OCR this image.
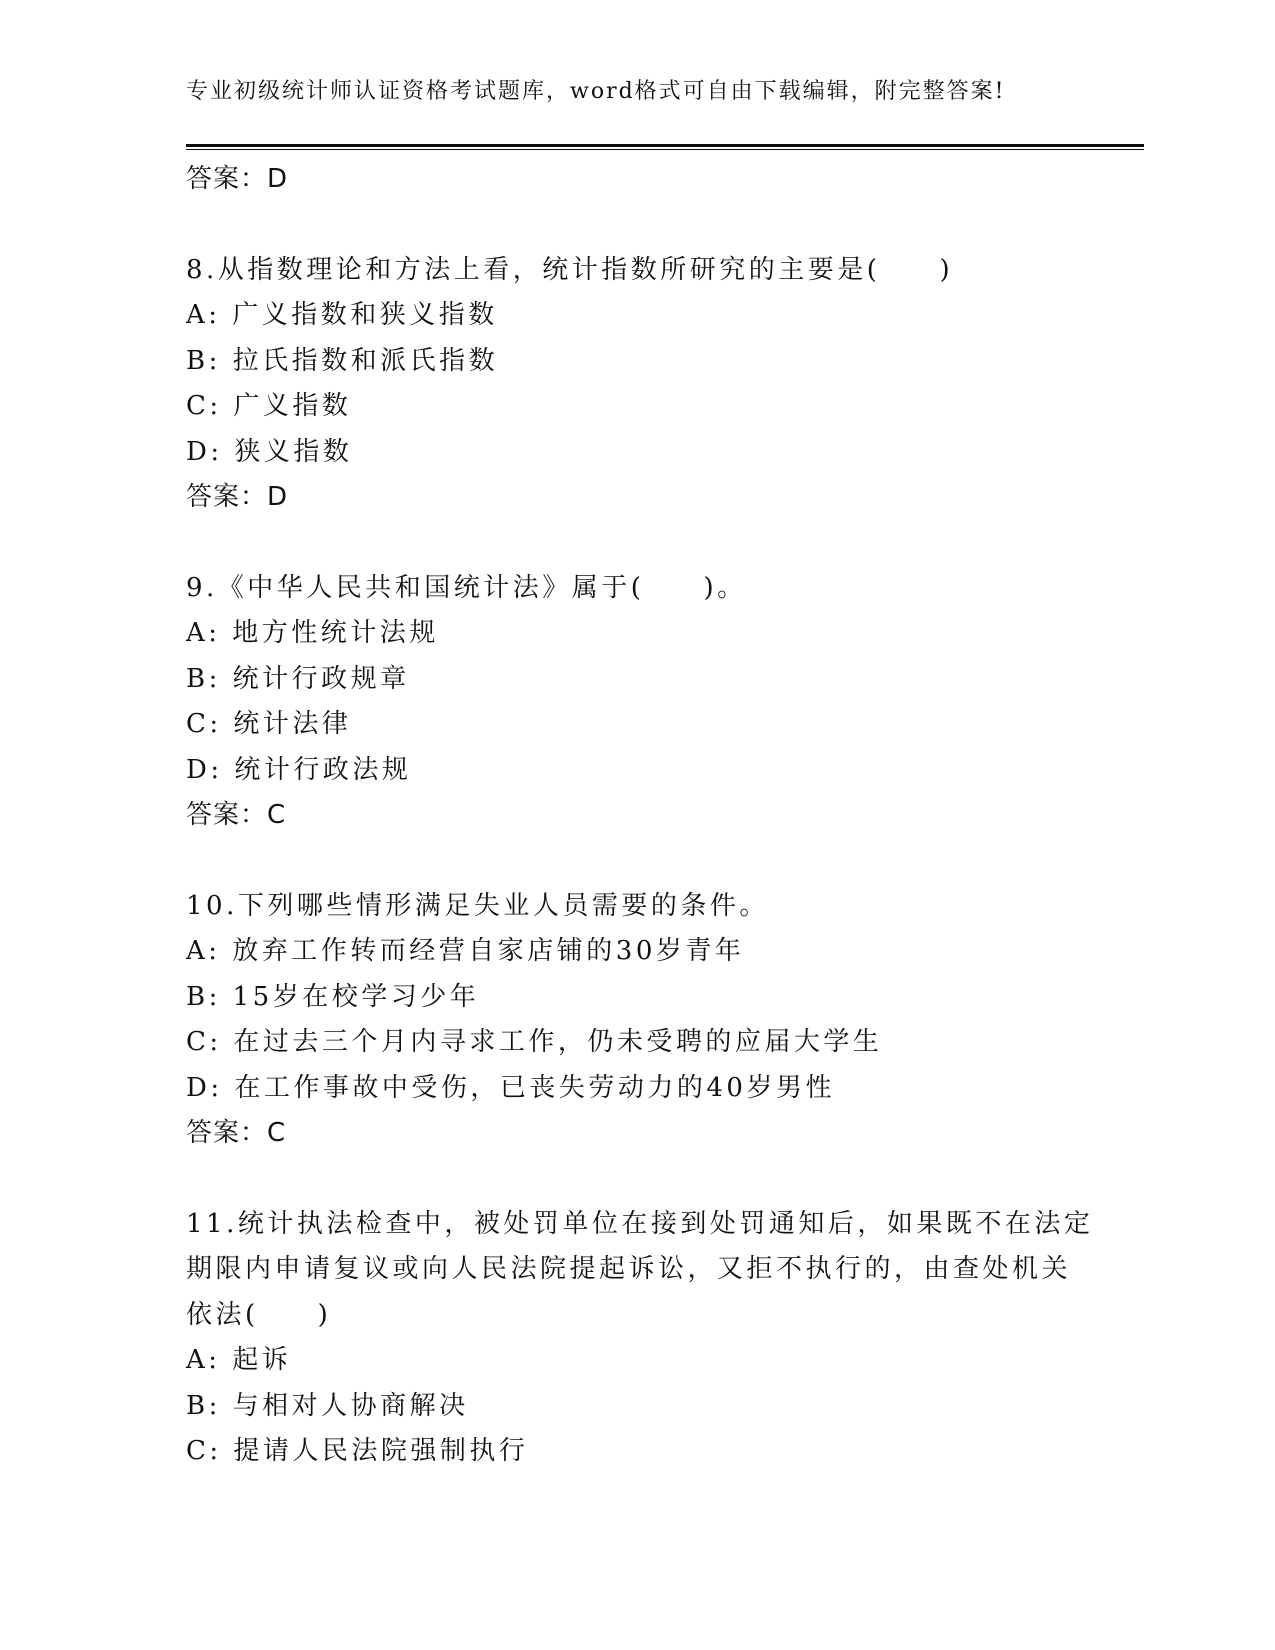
专业初级统计师认证资格考试题库，word格式可自由下载编辑，附完整答案!
答案：D
8.从指数理论和方法上看，统计指数所研究的主要是(　　)
A: 广义指数和狭义指数
B: 拉氏指数和派氏指数
C: 广义指数
D: 狭义指数
答案：D
9.《中华人民共和国统计法》属于(　　)。
A: 地方性统计法规
B: 统计行政规章
C: 统计法律
D: 统计行政法规
答案：C
10.下列哪些情形满足失业人员需要的条件。
A: 放弃工作转而经营自家店铺的30岁青年
B: 15岁在校学习少年
C: 在过去三个月内寻求工作，仍未受聘的应届大学生
D: 在工作事故中受伤，已丧失劳动力的40岁男性
答案：C
11.统计执法检查中，被处罚单位在接到处罚通知后，如果既不在法定
期限内申请复议或向人民法院提起诉讼，又拒不执行的，由查处机关
依法(　　)
A: 起诉
B: 与相对人协商解决
C: 提请人民法院强制执行
